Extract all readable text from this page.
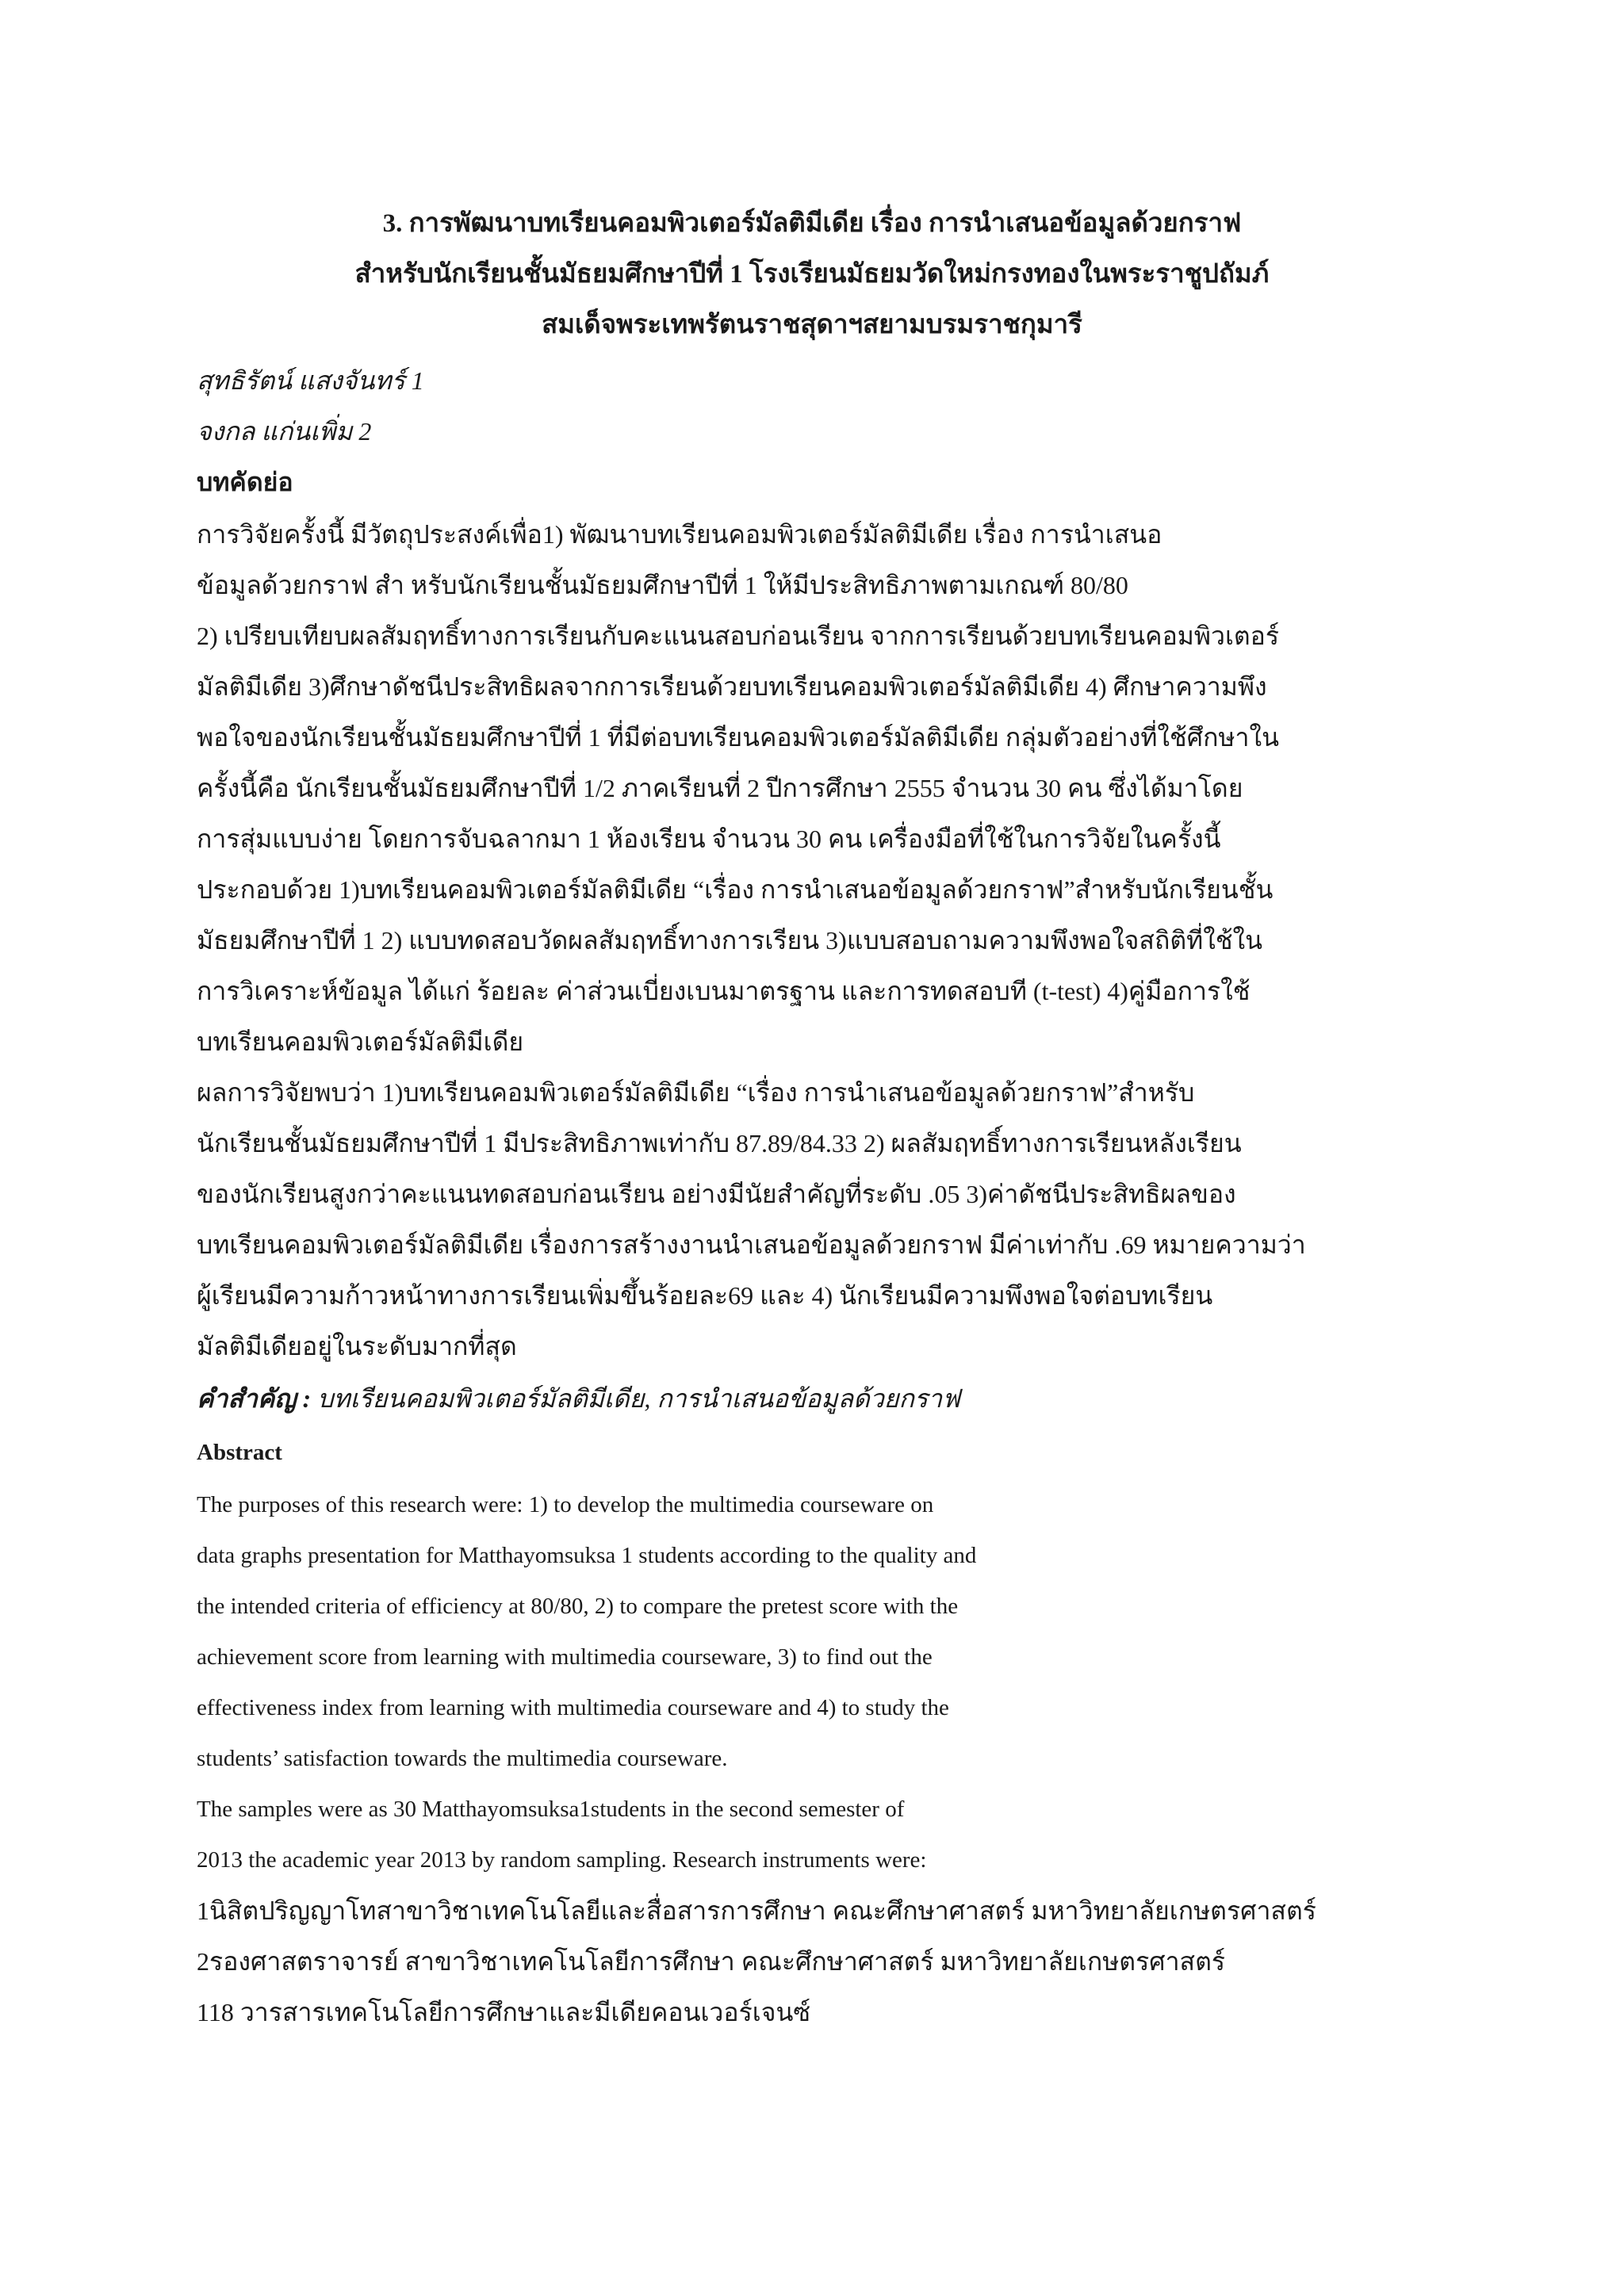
3. การพัฒนาบทเรียนคอมพิวเตอร์มัลติมีเดีย เรื่อง การนำเสนอข้อมูลด้วยกราฟ
สำหรับนักเรียนชั้นมัธยมศึกษาปีที่ 1 โรงเรียนมัธยมวัดใหม่กรงทองในพระราชูปถัมภ์
สมเด็จพระเทพรัตนราชสุดาฯสยามบรมราชกุมารี
สุทธิรัตน์ แสงจันทร์ 1
จงกล แก่นเพิ่ม 2
บทคัดย่อ
การวิจัยครั้งนี้ มีวัตถุประสงค์เพื่อ1) พัฒนาบทเรียนคอมพิวเตอร์มัลติมีเดีย เรื่อง การนำเสนอ
ข้อมูลด้วยกราฟ สำ หรับนักเรียนชั้นมัธยมศึกษาปีที่ 1 ให้มีประสิทธิภาพตามเกณฑ์ 80/80
2) เปรียบเทียบผลสัมฤทธิ์ทางการเรียนกับคะแนนสอบก่อนเรียน จากการเรียนด้วยบทเรียนคอมพิวเตอร์
มัลติมีเดีย 3)ศึกษาดัชนีประสิทธิผลจากการเรียนด้วยบทเรียนคอมพิวเตอร์มัลติมีเดีย 4) ศึกษาความพึง
พอใจของนักเรียนชั้นมัธยมศึกษาปีที่ 1 ที่มีต่อบทเรียนคอมพิวเตอร์มัลติมีเดีย กลุ่มตัวอย่างที่ใช้ศึกษาใน
ครั้งนี้คือ นักเรียนชั้นมัธยมศึกษาปีที่ 1/2 ภาคเรียนที่ 2 ปีการศึกษา 2555 จำนวน 30 คน ซึ่งได้มาโดย
การสุ่มแบบง่าย โดยการจับฉลากมา 1 ห้องเรียน จำนวน 30 คน เครื่องมือที่ใช้ในการวิจัยในครั้งนี้
ประกอบด้วย 1)บทเรียนคอมพิวเตอร์มัลติมีเดีย “เรื่อง การนำเสนอข้อมูลด้วยกราฟ”สำหรับนักเรียนชั้น
มัธยมศึกษาปีที่ 1 2) แบบทดสอบวัดผลสัมฤทธิ์ทางการเรียน 3)แบบสอบถามความพึงพอใจสถิติที่ใช้ใน
การวิเคราะห์ข้อมูล ได้แก่ ร้อยละ ค่าส่วนเบี่ยงเบนมาตรฐาน และการทดสอบที (t-test) 4)คู่มือการใช้
บทเรียนคอมพิวเตอร์มัลติมีเดีย
ผลการวิจัยพบว่า 1)บทเรียนคอมพิวเตอร์มัลติมีเดีย “เรื่อง การนำเสนอข้อมูลด้วยกราฟ”สำหรับ
นักเรียนชั้นมัธยมศึกษาปีที่ 1 มีประสิทธิภาพเท่ากับ 87.89/84.33 2) ผลสัมฤทธิ์ทางการเรียนหลังเรียน
ของนักเรียนสูงกว่าคะแนนทดสอบก่อนเรียน อย่างมีนัยสำคัญที่ระดับ .05 3)ค่าดัชนีประสิทธิผลของ
บทเรียนคอมพิวเตอร์มัลติมีเดีย เรื่องการสร้างงานนำเสนอข้อมูลด้วยกราฟ มีค่าเท่ากับ .69 หมายความว่า
ผู้เรียนมีความก้าวหน้าทางการเรียนเพิ่มขึ้นร้อยละ69 และ 4) นักเรียนมีความพึงพอใจต่อบทเรียน
มัลติมีเดียอยู่ในระดับมากที่สุด
คำสำคัญ : บทเรียนคอมพิวเตอร์มัลติมีเดีย, การนำเสนอข้อมูลด้วยกราฟ
Abstract
The purposes of this research were: 1) to develop the multimedia courseware on
data graphs presentation for Matthayomsuksa 1 students according to the quality and
the intended criteria of efficiency at 80/80, 2) to compare the pretest score with the
achievement score from learning with multimedia courseware, 3) to find out the
effectiveness index from learning with multimedia courseware and 4) to study the
students’ satisfaction towards the multimedia courseware.
The samples were as 30 Matthayomsuksa1students in the second semester of
2013 the academic year 2013 by random sampling. Research instruments were:
1นิสิตปริญญาโทสาขาวิชาเทคโนโลยีและสื่อสารการศึกษา คณะศึกษาศาสตร์ มหาวิทยาลัยเกษตรศาสตร์
2รองศาสตราจารย์ สาขาวิชาเทคโนโลยีการศึกษา คณะศึกษาศาสตร์ มหาวิทยาลัยเกษตรศาสตร์
118 วารสารเทคโนโลยีการศึกษาและมีเดียคอนเวอร์เจนซ์
